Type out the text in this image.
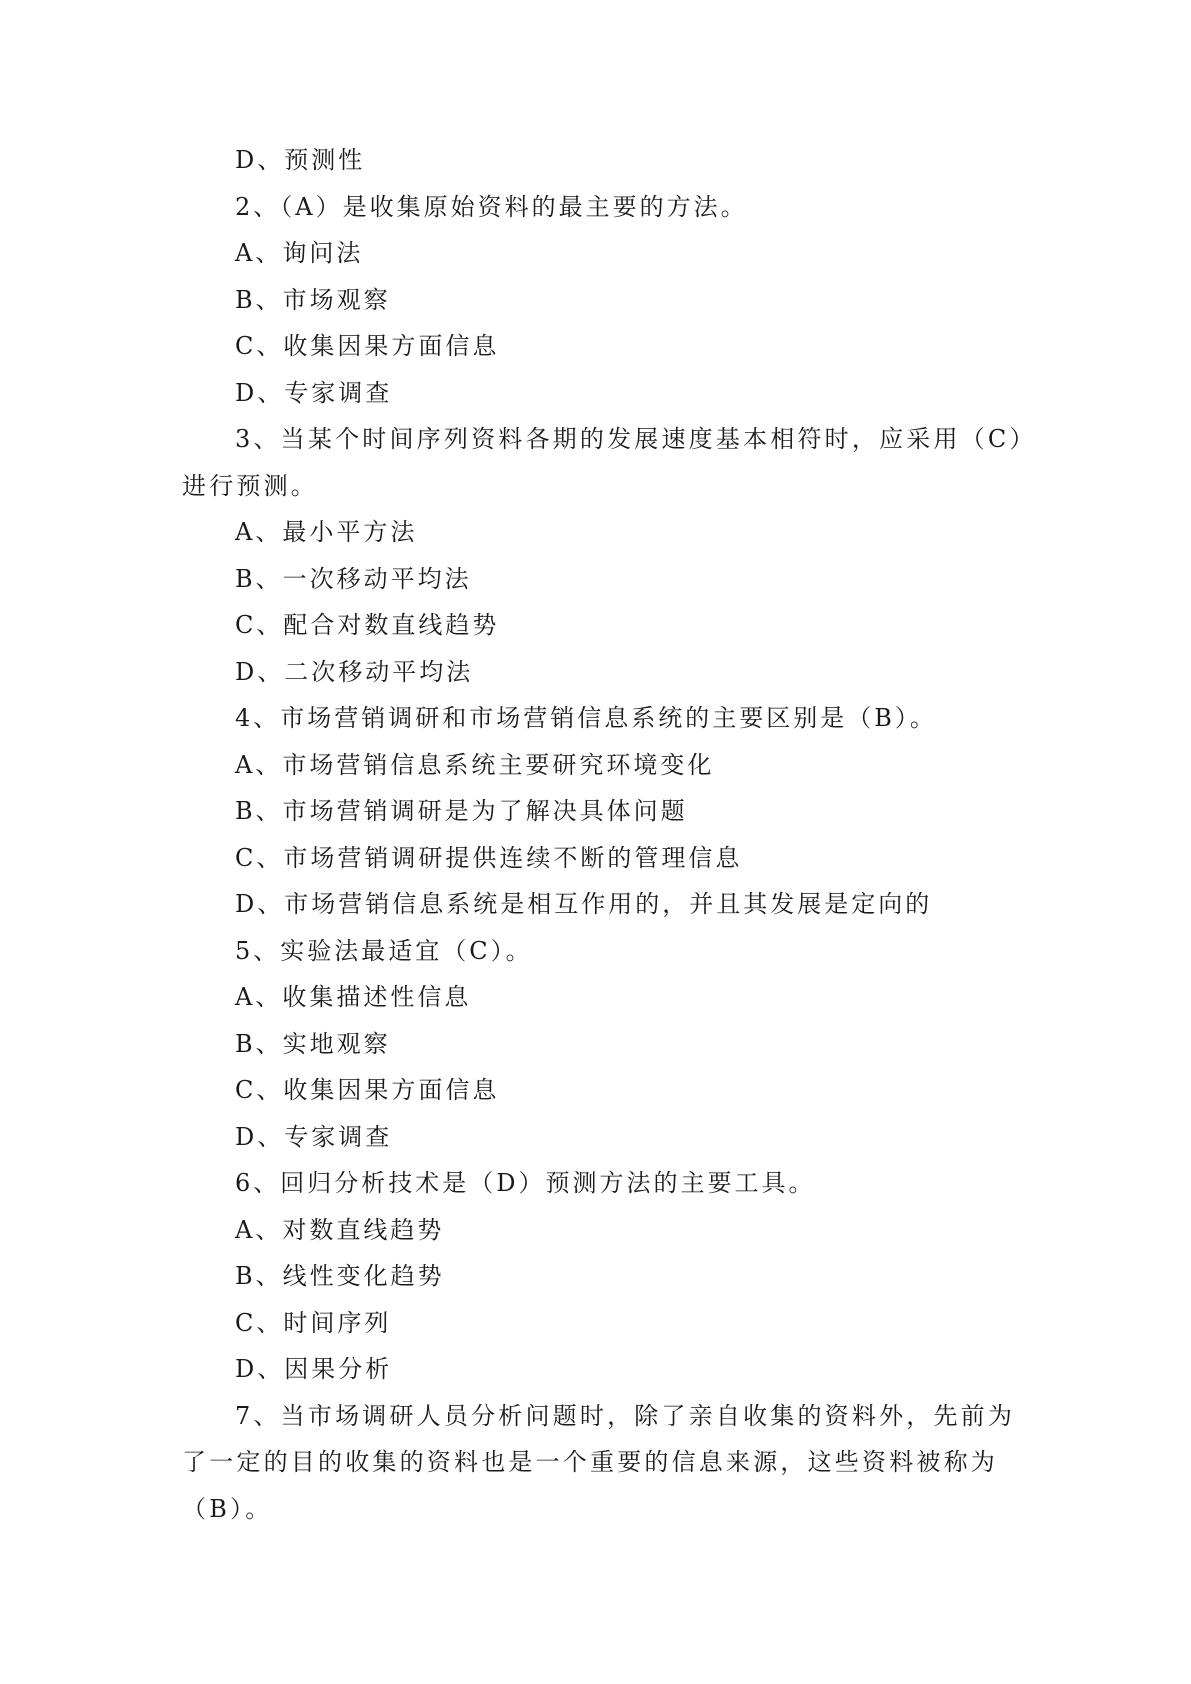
D、预测性
2、（A）是收集原始资料的最主要的方法。
A、询问法
B、市场观察
C、收集因果方面信息
D、专家调查
3、当某个时间序列资料各期的发展速度基本相符时，应采用（C）进行预测。
A、最小平方法
B、一次移动平均法
C、配合对数直线趋势
D、二次移动平均法
4、市场营销调研和市场营销信息系统的主要区别是（B）。
A、市场营销信息系统主要研究环境变化
B、市场营销调研是为了解决具体问题
C、市场营销调研提供连续不断的管理信息
D、市场营销信息系统是相互作用的，并且其发展是定向的
5、实验法最适宜（C）。
A、收集描述性信息
B、实地观察
C、收集因果方面信息
D、专家调查
6、回归分析技术是（D）预测方法的主要工具。
A、对数直线趋势
B、线性变化趋势
C、时间序列
D、因果分析
7、当市场调研人员分析问题时，除了亲自收集的资料外，先前为了一定的目的收集的资料也是一个重要的信息来源，这些资料被称为（B）。
